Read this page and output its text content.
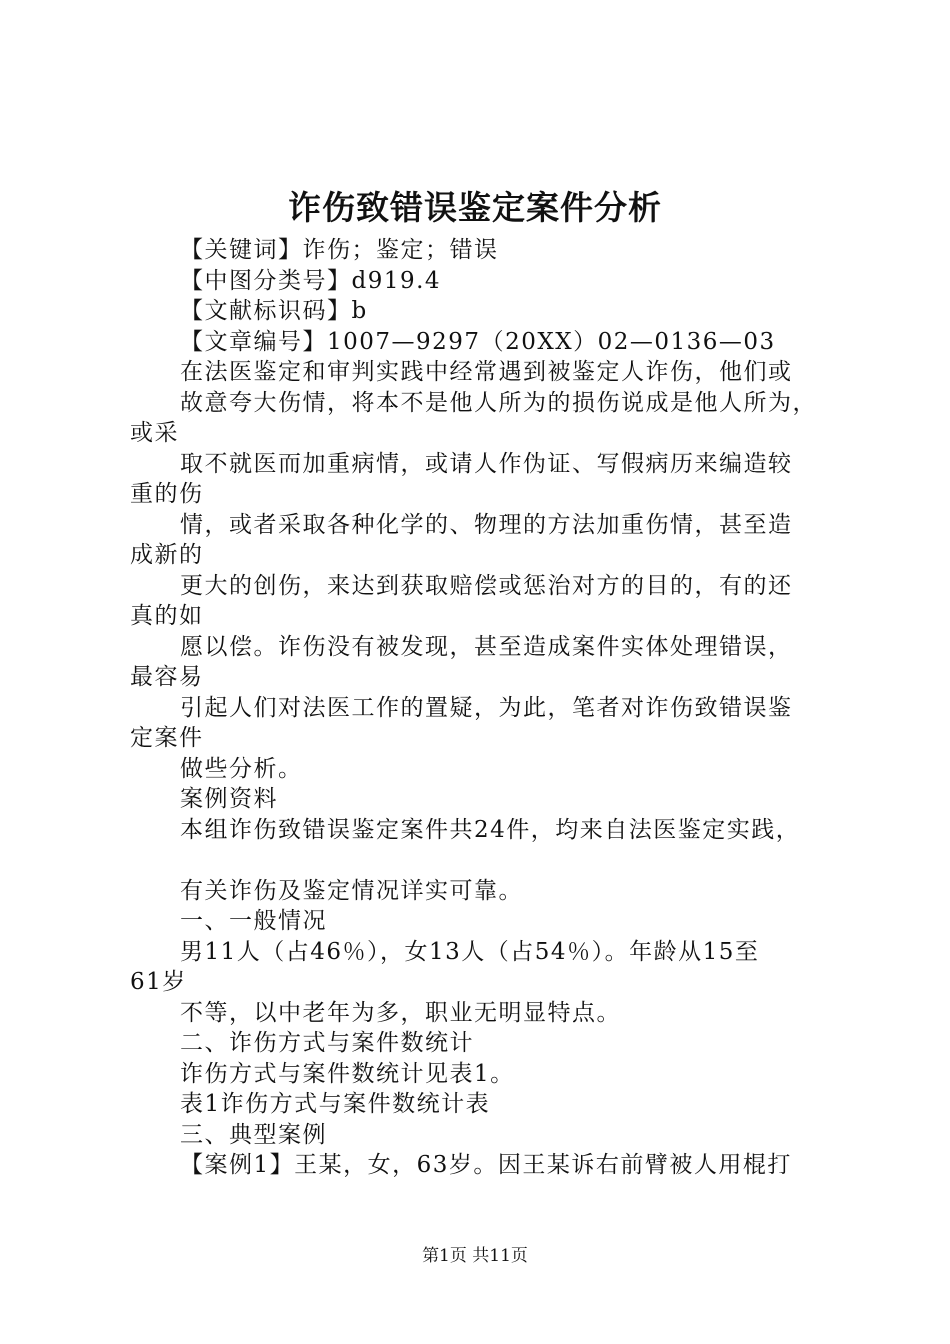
诈伤致错误鉴定案件分析

【关键词】诈伤；鉴定；错误

【中图分类号】d919.4

【文献标识码】b

【文章编号】1007—9297（20XX）02—0136—03

在法医鉴定和审判实践中经常遇到被鉴定人诈伤，他们或

故意夸大伤情，将本不是他人所为的损伤说成是他人所为，

或采

取不就医而加重病情，或请人作伪证、写假病历来编造较

重的伤

情，或者采取各种化学的、物理的方法加重伤情，甚至造

成新的

更大的创伤，来达到获取赔偿或惩治对方的目的，有的还

真的如

愿以偿。诈伤没有被发现，甚至造成案件实体处理错误，

最容易

引起人们对法医工作的置疑，为此，笔者对诈伤致错误鉴

定案件

做些分析。

案例资料

本组诈伤致错误鉴定案件共24件，均来自法医鉴定实践，

有关诈伤及鉴定情况详实可靠。

一、一般情况

男11人（占46％），女13人（占54％）。年龄从15至

61岁

不等，以中老年为多，职业无明显特点。

二、诈伤方式与案件数统计

诈伤方式与案件数统计见表1。

表1诈伤方式与案件数统计表

三、典型案例

【案例1】王某，女，63岁。因王某诉右前臂被人用棍打

第1页 共11页
